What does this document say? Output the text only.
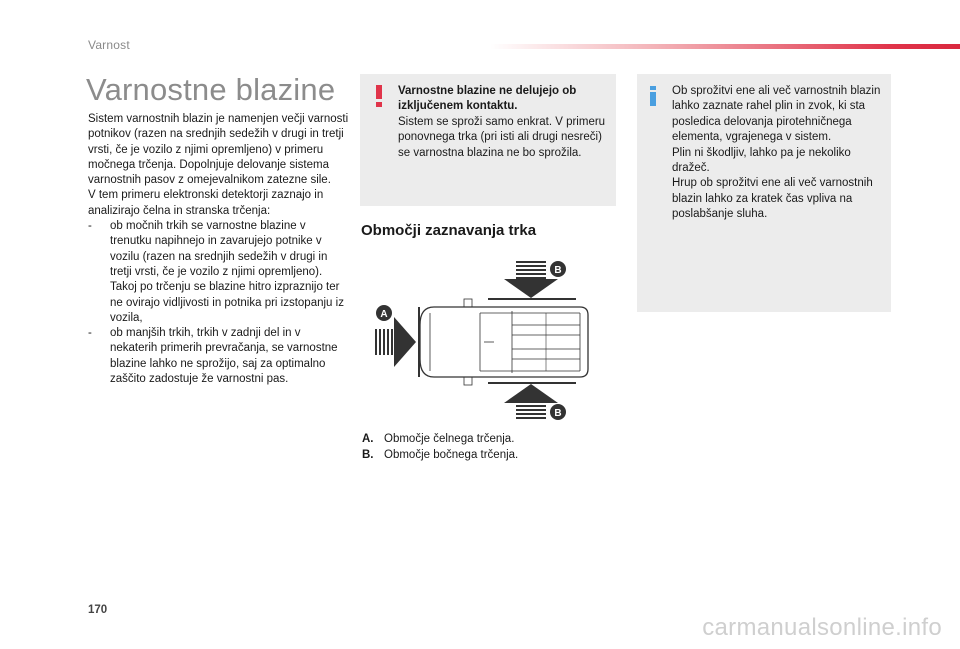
Varnost
Varnostne blazine

Sistem varnostnih blazin je namenjen večji varnosti potnikov (razen na srednjih sedežih v drugi in tretji vrsti, če je vozilo z njimi opremljeno) v primeru močnega trčenja. Dopolnjuje delovanje sistema varnostnih pasov z omejevalnikom zatezne sile.

V tem primeru elektronski detektorji zaznajo in analizirajo čelna in stranska trčenja:

- ob močnih trkih se varnostne blazine v trenutku napihnejo in zavarujejo potnike v vozilu (razen na srednjih sedežih v drugi in tretji vrsti, če je vozilo z njimi opremljeno). Takoj po trčenju se blazine hitro izpraznijo ter ne ovirajo vidljivosti in potnika pri izstopanju iz vozila,
- ob manjših trkih, trkih v zadnji del in v nekaterih primerih prevračanja, se varnostne blazine lahko ne sprožijo, saj za optimalno zaščito zadostuje že varnostni pas.
Varnostne blazine ne delujejo ob izključenem kontaktu.
Sistem se sproži samo enkrat. V primeru ponovnega trka (pri isti ali drugi nesreči) se varnostna blazina ne bo sprožila.

Ob sprožitvi ene ali več varnostnih blazin lahko zaznate rahel plin in zvok, ki sta posledica delovanja pirotehničnega elementa, vgrajenega v sistem.

Plin ni škodljiv, lahko pa je nekoliko dražeč.

Hrup ob sprožitvi ene ali več varnostnih blazin lahko za kratek čas vpliva na poslabšanje sluha.

Območji zaznavanja trka
A
B
B
A. Območje čelnega trčenja.
B. Območje bočnega trčenja.
170
carmanualsonline.info
